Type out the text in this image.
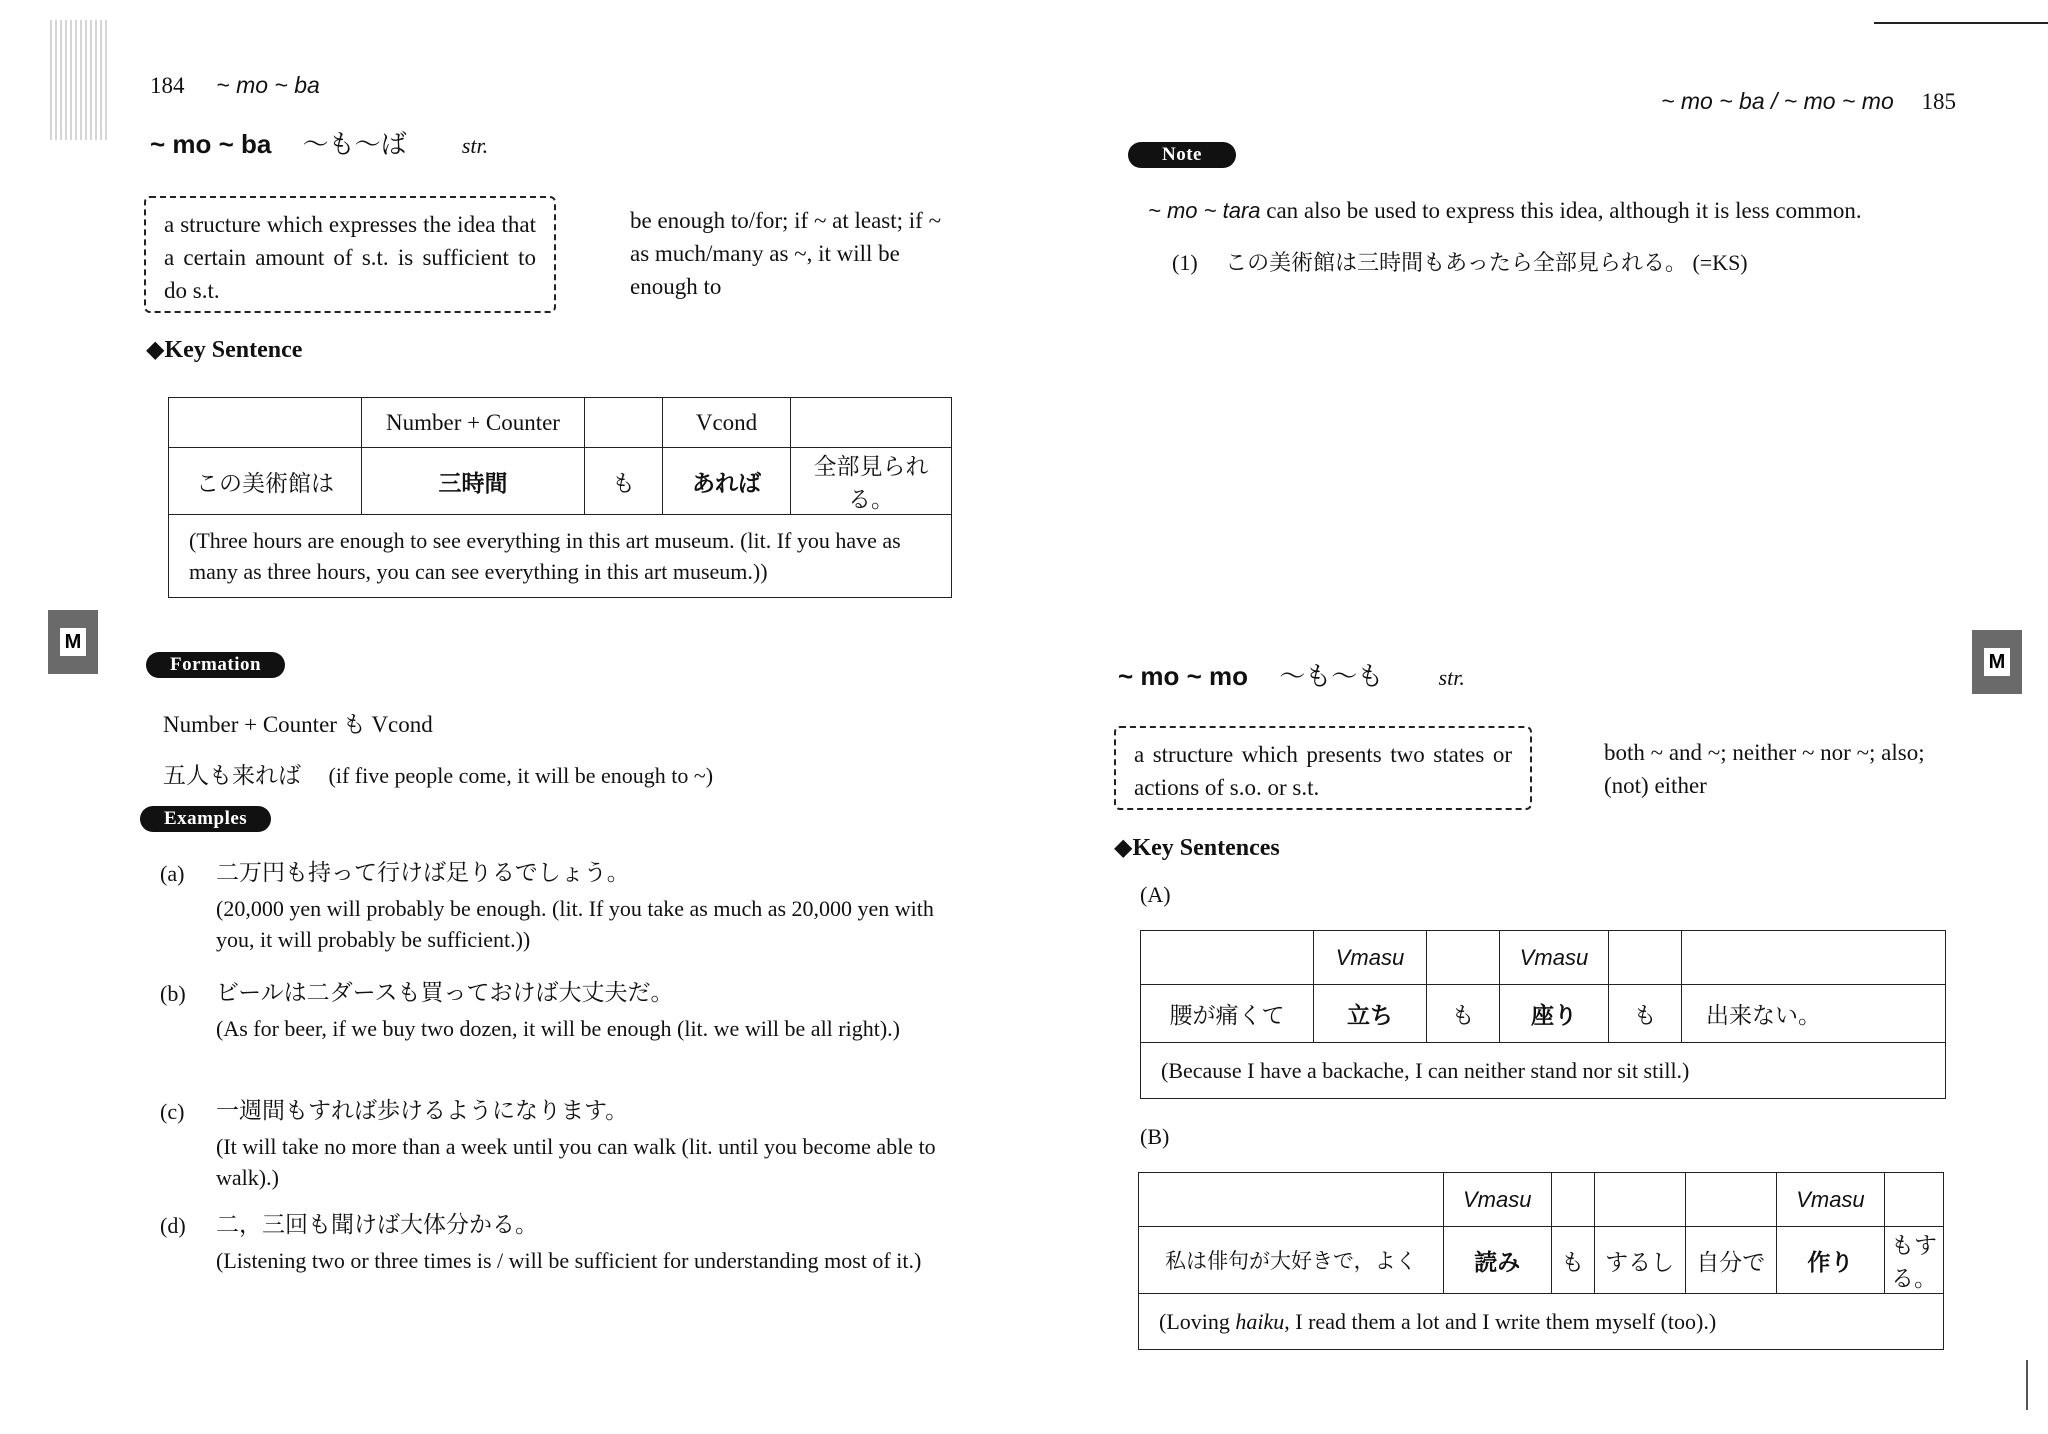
184 ~ mo ~ ba
~ mo ~ ba 〜も〜ば	str.
a structure which expresses the idea that a certain amount of s.t. is sufficient to do s.t.
be enough to/for; if ~ at least; if ~ as much/many as ~, it will be enough to
◆Key Sentence
	Number + Counter		Vcond	
この美術館は	三時間	も	あれば	全部見られる。
(Three hours are enough to see everything in this art museum. (lit. If you have as many as three hours, you can see everything in this art museum.))				
M
Formation
Number + Counter も Vcond
五人も来れば (if five people come, it will be enough to ~)
Examples
(a) 二万円も持って行けば足りるでしょう。
(20,000 yen will probably be enough. (lit. If you take as much as 20,000 yen with you, it will probably be sufficient.))
(b) ビールは二ダースも買っておけば大丈夫だ。
(As for beer, if we buy two dozen, it will be enough (lit. we will be all right).)
(c) 一週間もすれば歩けるようになります。
(It will take no more than a week until you can walk (lit. until you become able to walk).)
(d) 二，三回も聞けば大体分かる。
(Listening two or three times is / will be sufficient for understanding most of it.)
~ mo ~ ba / ~ mo ~ mo 185
Note
~ mo ~ tara can also be used to express this idea, although it is less common.
(1) この美術館は三時間もあったら全部見られる。 (=KS)
~ mo ~ mo 〜も〜も	str.
a structure which presents two states or actions of s.o. or s.t.
both ~ and ~; neither ~ nor ~; also; (not) either
◆Key Sentences
M
(A)
	Vmasu		Vmasu		
腰が痛くて	立ち	も	座り	も	出来ない。
(Because I have a backache, I can neither stand nor sit still.)					
(B)
	Vmasu				Vmasu	
私は俳句が大好きで，よく	読み	も	するし	自分で	作り	もする。
(Loving haiku, I read them a lot and I write them myself (too).)						
